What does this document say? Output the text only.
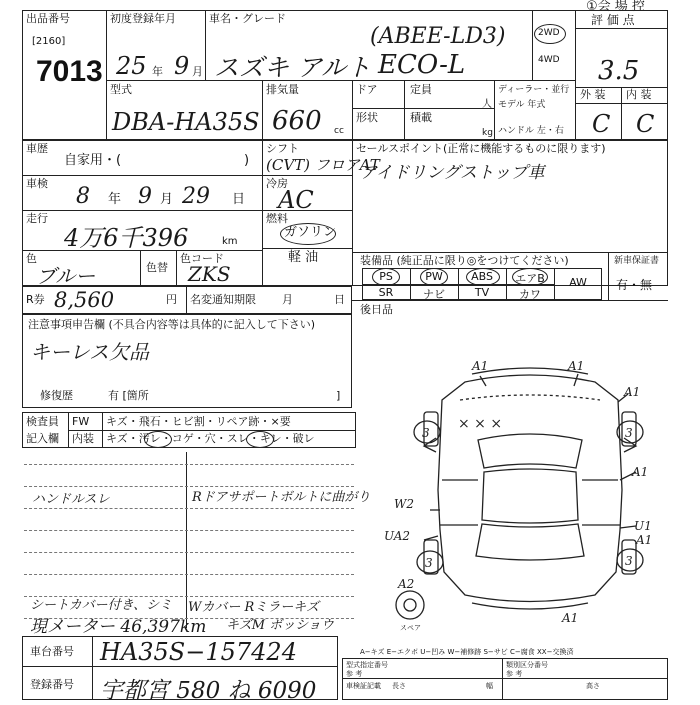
①会 場 控
出品番号
[2160]
7013
初度登録年月
25 年 9 月
車名・グレード
(ABEE-LD3)
スズキ アルト ECO-L
2WD
4WD
評 価 点
3.5
外 装 内 装
C C
型式
DBA-HA35S
排気量
660 cc
ドア	定員
人
形状	積載
kg
ディーラー・並行
モデル 年式
ハンドル 左・右
車歴
自家用・(	)
シフト
(CVT) フロアAT
セールスポイント(正常に機能するものに限ります)
アイドリングストップ車
車検
8 年 9 月 29 日
冷房
AC
走行
4万6千396	km
燃料
ガソリン
軽 油
色
ブルー	色替
色コード
ZKS
装備品 (純正品に限り◎をつけてください)	新車保証書
有・無
PS	PW	ABS	エアB	AW
SR	ナビ	TV	カワ
R券 8,560	円 名変通知期限 月	日
後日品
注意事項申告欄 (不具合内容等は具体的に記入して下さい)
キーレス欠品
修復歴	有 [箇所	]
検査員
記入欄
FW キズ・飛石・ヒビ割・リペア跡・×要
内装 キズ・汚レ・コゲ・穴・スレ・キレ・破レ
ハンドルスレ	Rドアサポートボルトに曲がり
シートカバー付き、シミ Wカバー Rミラーキズ
現メーター 46,397km キズM ボッショウ
A1	A1
A1
A1
U1
A1
W2
UA2
A2
A1
3	3
3	3
× × ×
スペア
A−キズ E−エクボ U−凹み W−補修跡 S−サビ C−腐食 XX−交換済
車台番号 HA35S−157424
登録番号 宇都宮 580 ね 6090
型式指定番号
参 考
類別区分番号
参 考
車検証記載 長さ	幅	高さ
